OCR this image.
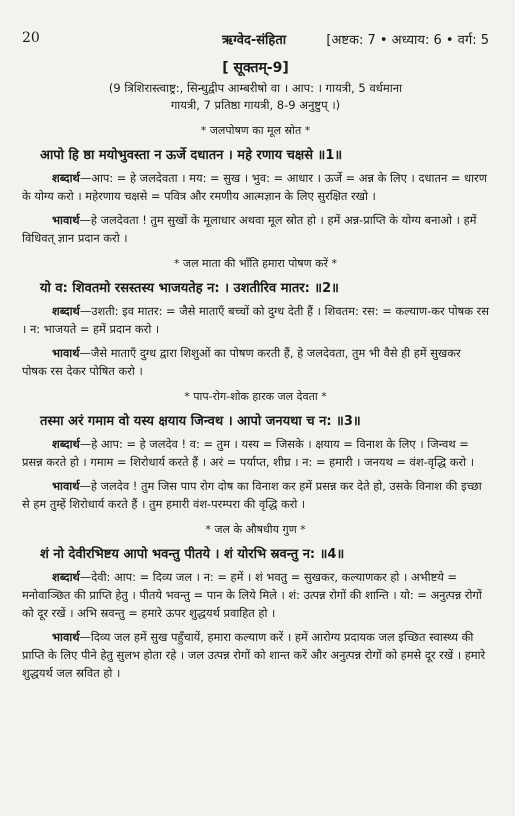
20	ऋग्वेद-संहिता	[अष्टक: 7 • अध्याय: 6 • वर्ग: 5
[ सूक्तम्-9]
(9 त्रिशिरास्त्वाष्ट्र:, सिन्धुद्वीप आम्बरीषो वा । आप: । गायत्री, 5 वर्धमाना
गायत्री, 7 प्रतिष्ठा गायत्री, 8-9 अनुष्टुप् ।)
* जलपोषण का मूल स्रोत *
आपो हि ष्ठा मयोभुवस्ता न ऊर्जे दधातन । महे रणाय चक्षसे ॥1॥
शब्दार्थ—आप: = हे जलदेवता । मय: = सुख । भुव: = आधार । ऊर्जे = अन्न के लिए । दधातन = धारण के योग्य करो । महेरणाय चक्षसे = पवित्र और रमणीय आत्मज्ञान के लिए सुरक्षित रखो ।
भावार्थ—हे जलदेवता ! तुम सुखों के मूलाधार अथवा मूल स्रोत हो । हमें अन्न-प्राप्ति के योग्य बनाओ । हमें विधिवत् ज्ञान प्रदान करो ।
* जल माता की भाँति हमारा पोषण करें *
यो व: शिवतमो रसस्तस्य भाजयतेह न: । उशतीरिव मातर: ॥2॥
शब्दार्थ—उशती: इव मातर: = जैसे माताएँ बच्चों को दुग्ध देती हैं । शिवतम: रस: = कल्याण-कर पोषक रस । न: भाजयते = हमें प्रदान करो ।
भावार्थ—जैसे माताएँ दुग्ध द्वारा शिशुओं का पोषण करती हैं, हे जलदेवता, तुम भी वैसे ही हमें सुखकर पोषक रस देकर पोषित करो ।
* पाप-रोग-शोक हारक जल देवता *
तस्मा अरं गमाम वो यस्य क्षयाय जिन्वथ । आपो जनयथा च न: ॥3॥
शब्दार्थ—हे आप: = हे जलदेव ! व: = तुम । यस्य = जिसके । क्षयाय = विनाश के लिए । जिन्वथ = प्रसन्न करते हो । गमाम = शिरोधार्य करते हैं । अरं = पर्याप्त, शीघ्र । न: = हमारी । जनयथ = वंश-वृद्धि करो ।
भावार्थ—हे जलदेव ! तुम जिस पाप रोग दोष का विनाश कर हमें प्रसन्न कर देते हो, उसके विनाश की इच्छा से हम तुम्हें शिरोधार्य करते हैं । तुम हमारी वंश-परम्परा की वृद्धि करो ।
* जल के औषधीय गुण *
शं नो देवीरभिष्टय आपो भवन्तु पीतये । शं योरभि स्रवन्तु न: ॥4॥
शब्दार्थ—देवी: आप: = दिव्य जल । न: = हमें । शं भवतु = सुखकर, कल्याणकर हो । अभीष्टये = मनोवाञ्छित की प्राप्ति हेतु । पीतये भवन्तु = पान के लिये मिले । शं: उत्पन्न रोगों की शान्ति । यो: = अनुत्पन्न रोगों को दूर रखें । अभि स्रवन्तु = हमारे ऊपर शुद्धयर्थ प्रवाहित हो ।
भावार्थ—दिव्य जल हमें सुख पहुँचायें, हमारा कल्याण करें । हमें आरोग्य प्रदायक जल इच्छित स्वास्थ्य की प्राप्ति के लिए पीने हेतु सुलभ होता रहे । जल उत्पन्न रोगों को शान्त करें और अनुत्पन्न रोगों को हमसे दूर रखें । हमारे शुद्धयर्थ जल स्रवित हो ।
